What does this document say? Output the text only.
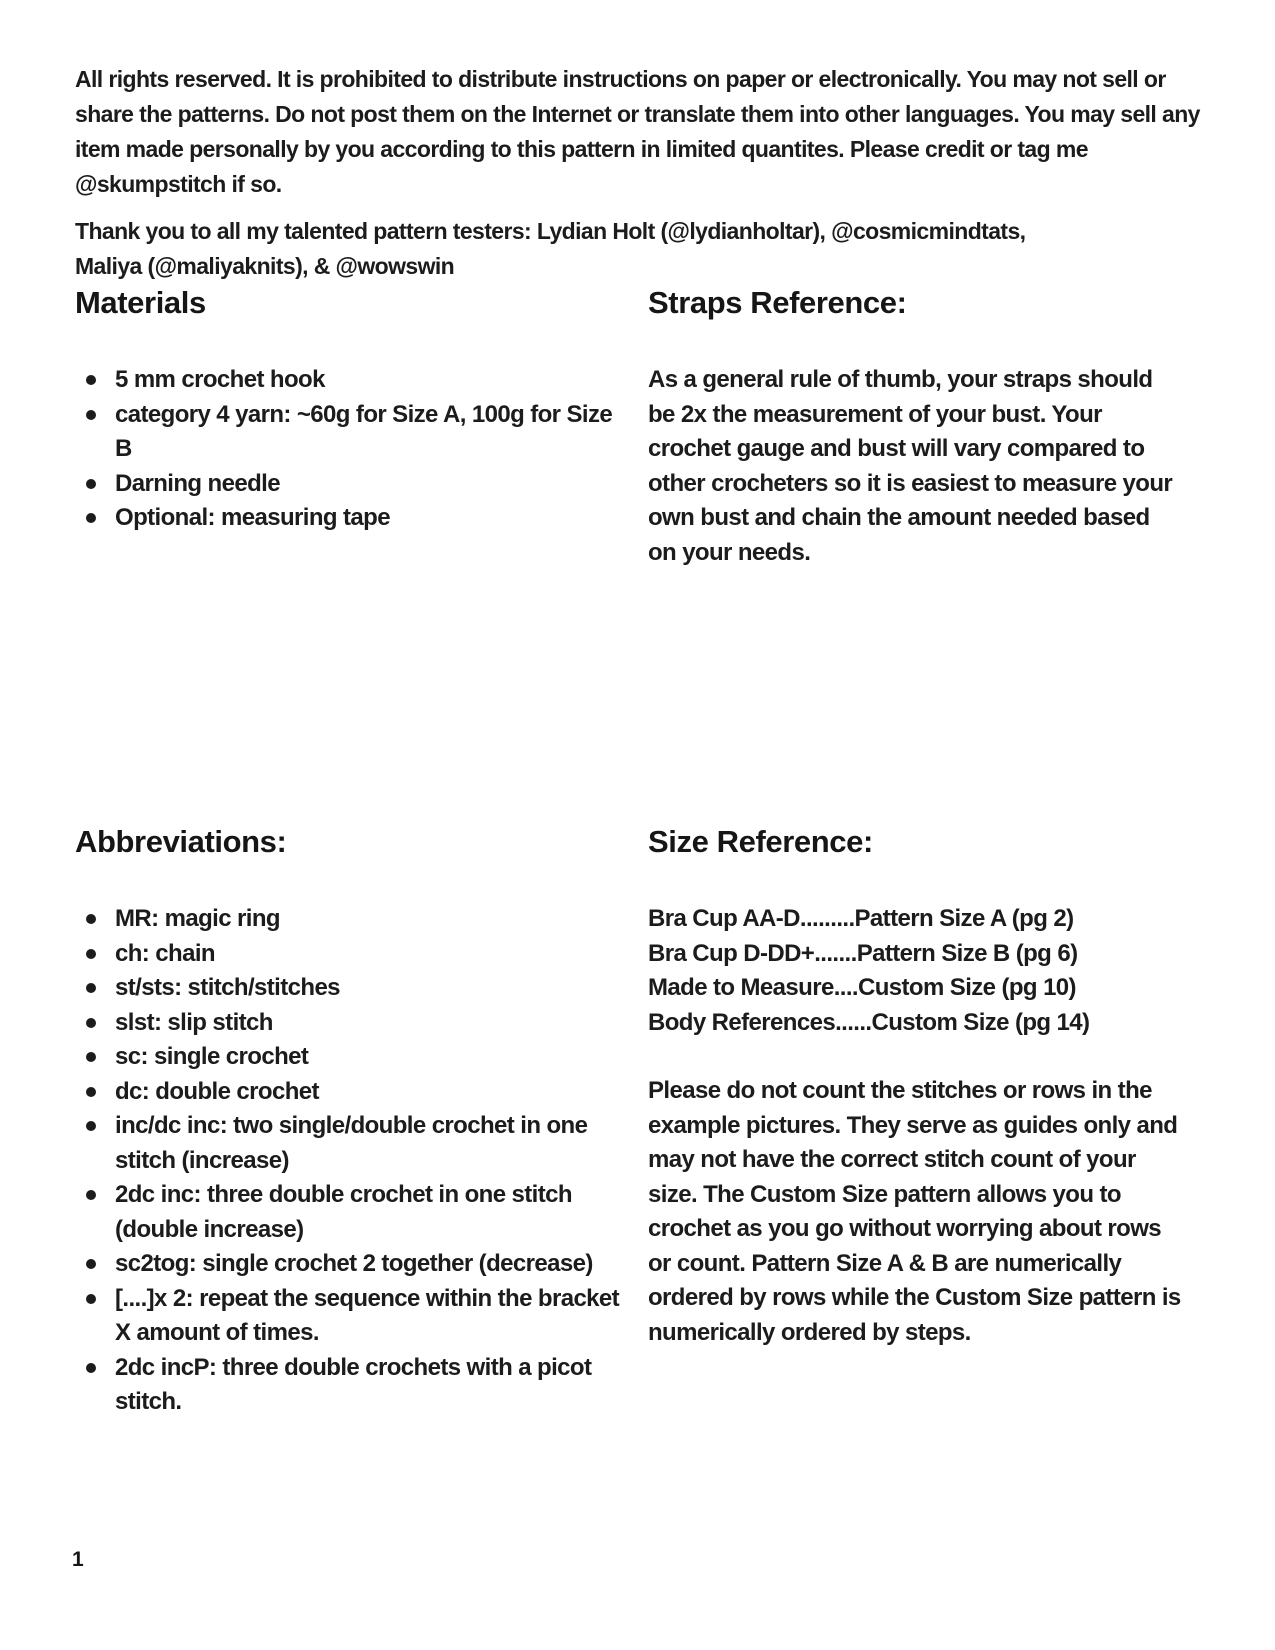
All rights reserved. It is prohibited to distribute instructions on paper or electronically. You may not sell or share the patterns. Do not post them on the Internet or translate them into other languages. You may sell any item made personally by you according to this pattern in limited quantites. Please credit or tag me @skumpstitch if so.

Thank you to all my talented pattern testers: Lydian Holt (@lydianholtar), @cosmicmindtats, Maliya (@maliyaknits), & @wowswin

Materials
5 mm crochet hook
category 4 yarn: ~60g for Size A, 100g for Size B
Darning needle
Optional: measuring tape
Straps Reference:

As a general rule of thumb, your straps should be 2x the measurement of your bust. Your crochet gauge and bust will vary compared to other crocheters so it is easiest to measure your own bust and chain the amount needed based on your needs.

Abbreviations:
MR: magic ring
ch: chain
st/sts: stitch/stitches
slst: slip stitch
sc: single crochet
dc: double crochet
inc/dc inc: two single/double crochet in one stitch (increase)
2dc inc: three double crochet in one stitch (double increase)
sc2tog: single crochet 2 together (decrease)
[....]x 2: repeat the sequence within the bracket X amount of times.
2dc incP: three double crochets with a picot stitch.
Size Reference:
Bra Cup AA-D.........Pattern Size A (pg 2)
Bra Cup D-DD+.......Pattern Size B (pg 6)
Made to Measure....Custom Size (pg 10)
Body References......Custom Size (pg 14)

Please do not count the stitches or rows in the example pictures. They serve as guides only and may not have the correct stitch count of your size. The Custom Size pattern allows you to crochet as you go without worrying about rows or count. Pattern Size A & B are numerically ordered by rows while the Custom Size pattern is numerically ordered by steps.

1
